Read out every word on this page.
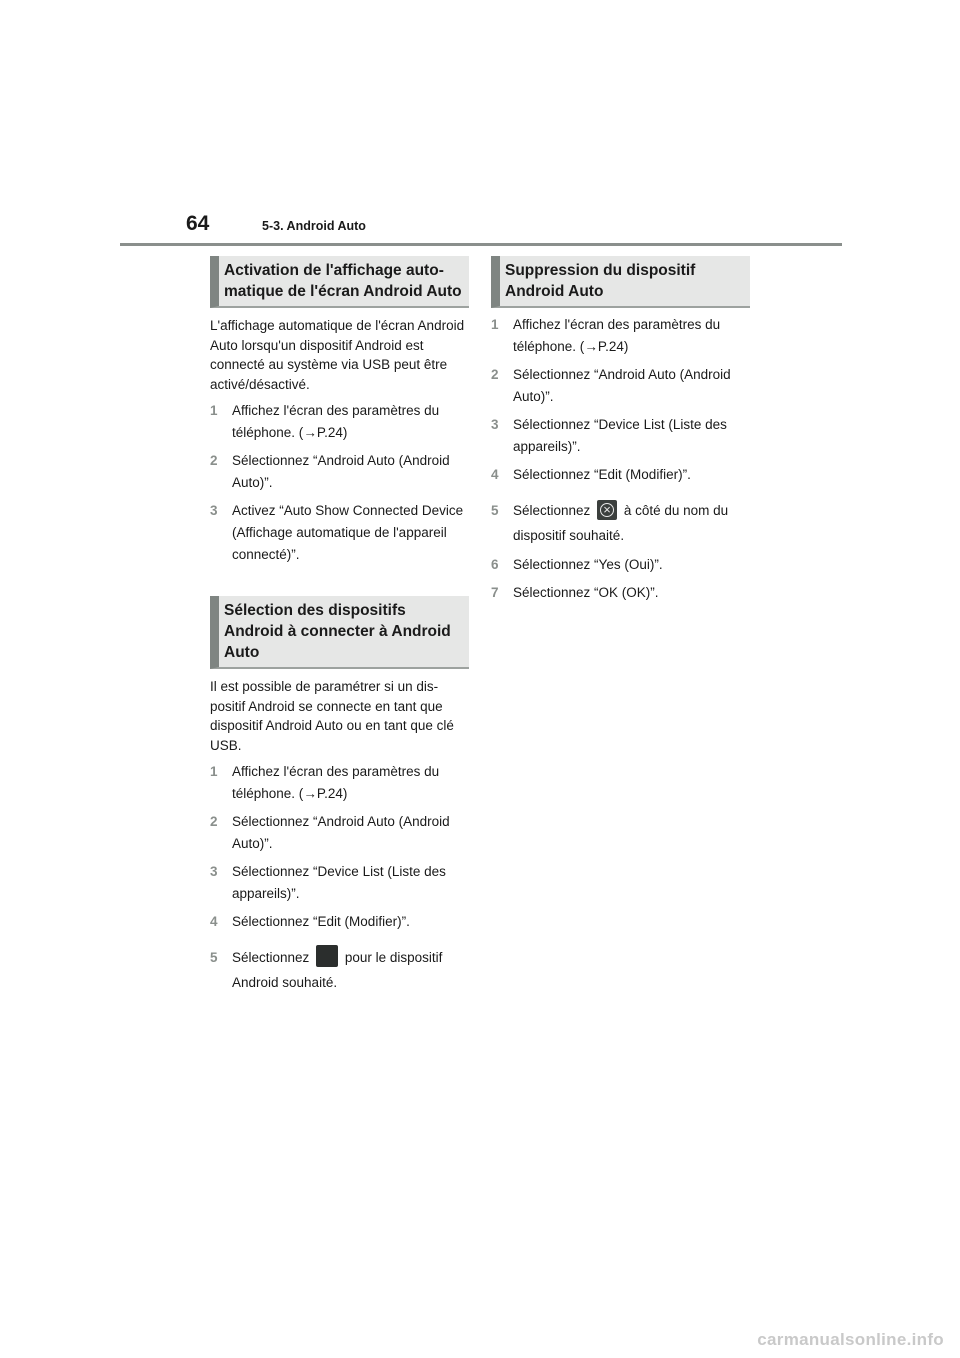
64	5-3. Android Auto
Activation de l'affichage auto-matique de l'écran Android Auto

L'affichage automatique de l'écran Android Auto lorsqu'un dispositif Android est connecté au système via USB peut être activé/désactivé.

1	Affichez l'écran des paramètres du téléphone. (→P.24)
2	Sélectionnez “Android Auto (Android Auto)”.
3	Activez “Auto Show Connected Device (Affichage automatique de l'appareil connecté)”.
Sélection des dispositifs Android à connecter à Android Auto

Il est possible de paramétrer si un dis-positif Android se connecte en tant que dispositif Android Auto ou en tant que clé USB.

1	Affichez l'écran des paramètres du téléphone. (→P.24)
2	Sélectionnez “Android Auto (Android Auto)”.
3	Sélectionnez “Device List (Liste des appareils)”.
4	Sélectionnez “Edit (Modifier)”.
5	Sélectionnez  pour le dispositif Android souhaité.
Suppression du dispositif Android Auto
1	Affichez l'écran des paramètres du téléphone. (→P.24)
2	Sélectionnez “Android Auto (Android Auto)”.
3	Sélectionnez “Device List (Liste des appareils)”.
4	Sélectionnez “Edit (Modifier)”.
5	Sélectionnez × à côté du nom du dispositif souhaité.
6	Sélectionnez “Yes (Oui)”.
7	Sélectionnez “OK (OK)”.
carmanualsonline.info
